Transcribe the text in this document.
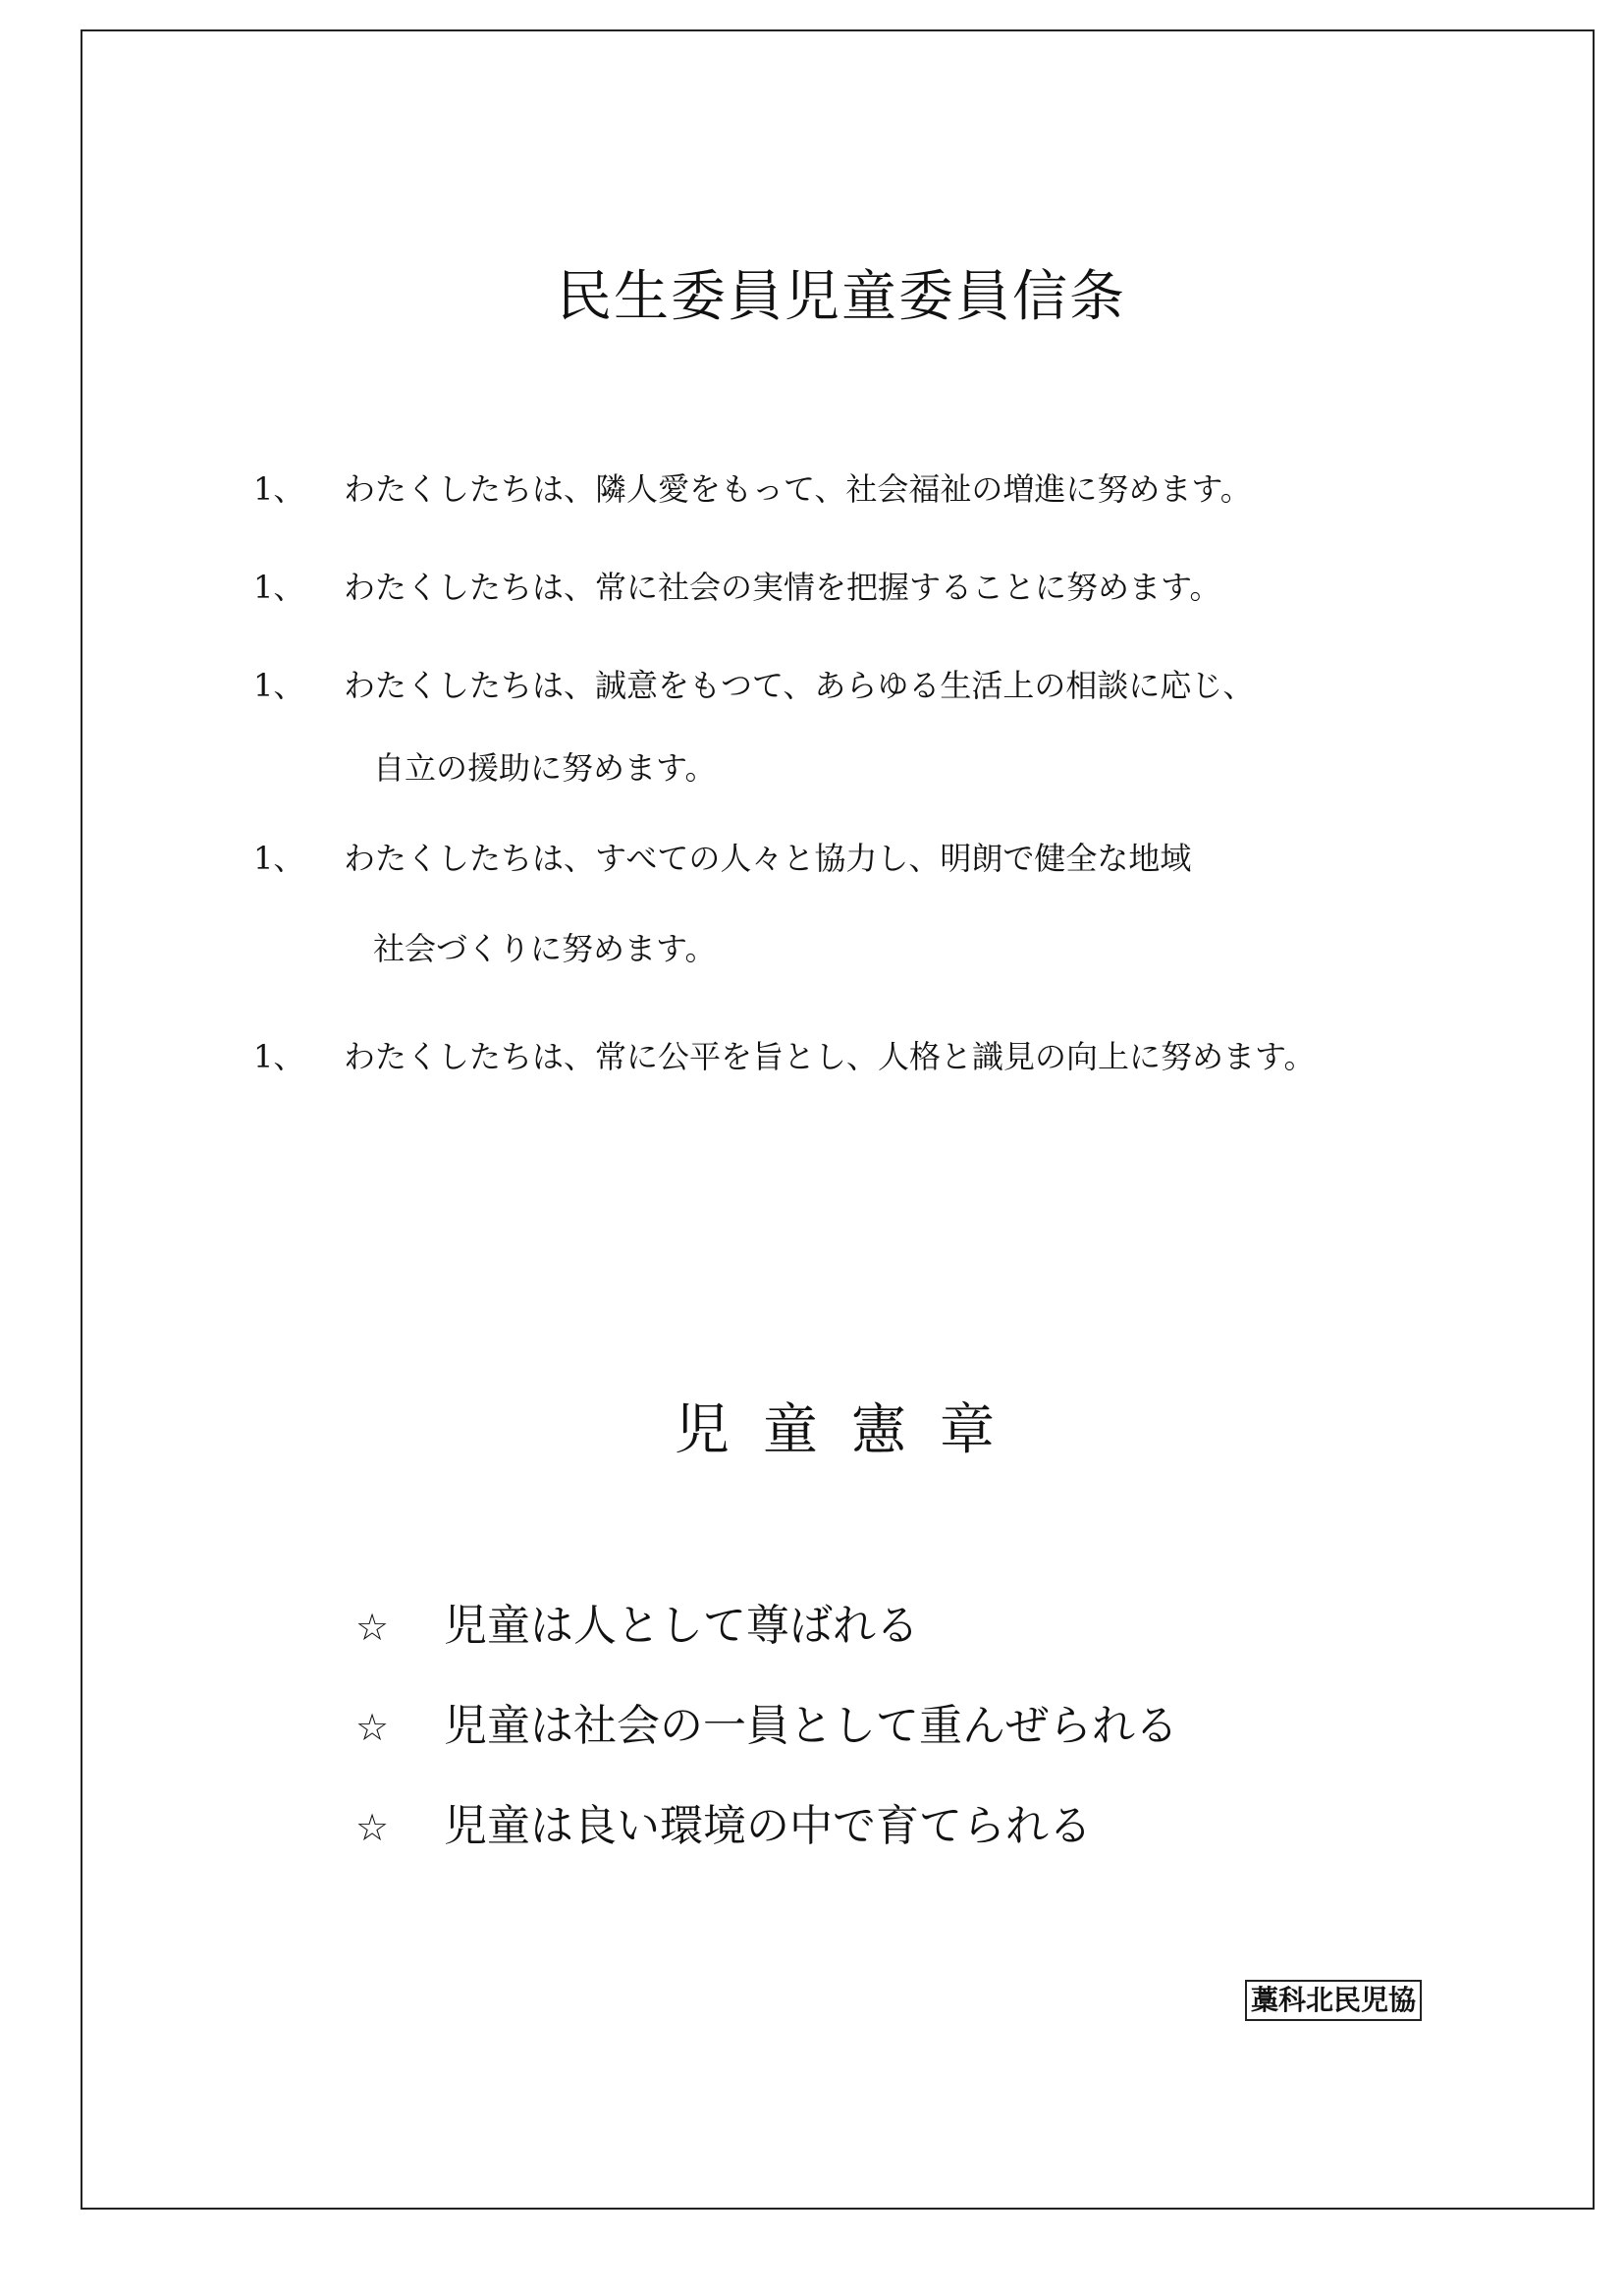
民生委員児童委員信条
1、 わたくしたちは、隣人愛をもって、社会福祉の増進に努めます。
1、 わたくしたちは、常に社会の実情を把握することに努めます。
1、 わたくしたちは、誠意をもつて、あらゆる生活上の相談に応じ、
自立の援助に努めます。
1、 わたくしたちは、すべての人々と協力し、明朗で健全な地域
社会づくりに努めます。
1、 わたくしたちは、常に公平を旨とし、人格と識見の向上に努めます。
児童憲章
☆ 児童は人として尊ばれる
☆ 児童は社会の一員として重んぜられる
☆ 児童は良い環境の中で育てられる
藁科北民児協
